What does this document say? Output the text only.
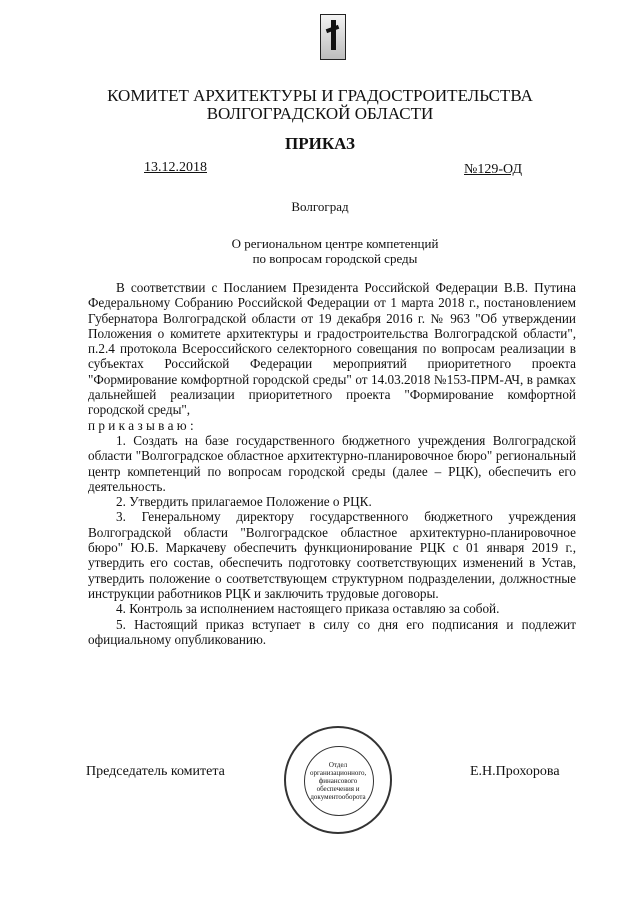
КОМИТЕТ АРХИТЕКТУРЫ И ГРАДОСТРОИТЕЛЬСТВА
ВОЛГОГРАДСКОЙ ОБЛАСТИ
ПРИКАЗ
13.12.2018	№129-ОД
Волгоград
О региональном центре компетенций
по вопросам городской среды

В соответствии с Посланием Президента Российской Федерации В.В. Путина Федеральному Собранию Российской Федерации от 1 марта 2018 г., постановлением Губернатора Волгоградской области от 19 декабря 2016 г. № 963 "Об утверждении Положения о комитете архитектуры и градостроительства Волгоградской области", п.2.4 протокола Всероссийского селекторного совещания по вопросам реализации в субъектах Российской Федерации мероприятий приоритетного проекта "Формирование комфортной городской среды" от 14.03.2018 №153-ПРМ-АЧ, в рамках дальнейшей реализации приоритетного проекта "Формирование комфортной городской среды",

п р и к а з ы в а ю :

1. Создать на базе государственного бюджетного учреждения Волгоградской области "Волгоградское областное архитектурно-планировочное бюро" региональный центр компетенций по вопросам городской среды (далее – РЦК), обеспечить его деятельность.

2. Утвердить прилагаемое Положение о РЦК.

3. Генеральному директору государственного бюджетного учреждения Волгоградской области "Волгоградское областное архитектурно-планировочное бюро" Ю.Б. Маркачеву обеспечить функционирование РЦК с 01 января 2019 г., утвердить его состав, обеспечить подготовку соответствующих изменений в Устав, утвердить положение о соответствующем структурном подразделении, должностные инструкции работников РЦК и заключить трудовые договоры.

4. Контроль за исполнением настоящего приказа оставляю за собой.

5. Настоящий приказ вступает в силу со дня его подписания и подлежит официальному опубликованию.

Председатель комитета	Отдел организационного, финансового обеспечения и документооборота
Е.Н.Прохорова
